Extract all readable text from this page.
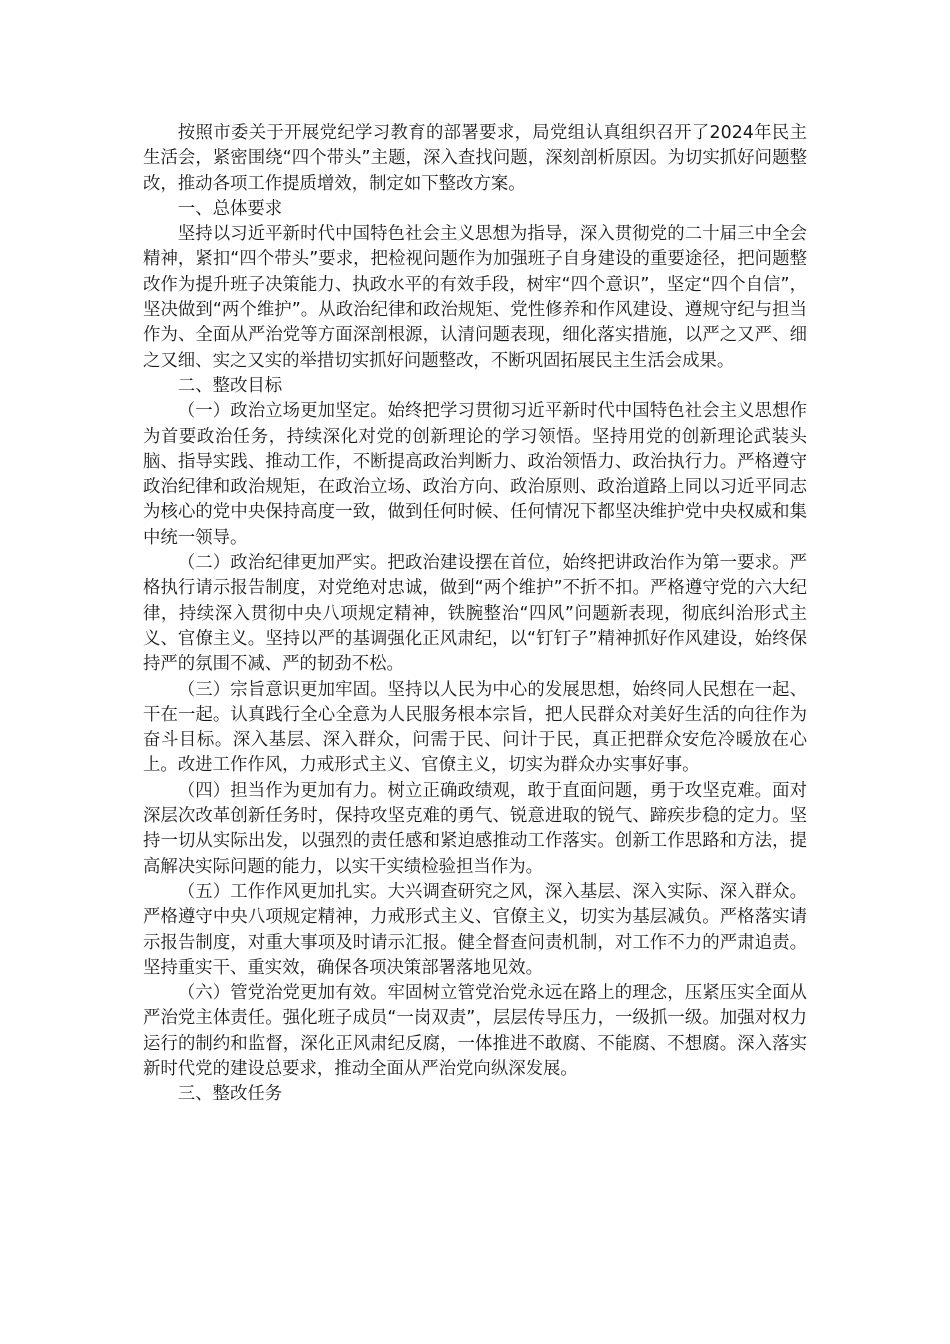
按照市委关于开展党纪学习教育的部署要求，局党组认真组织召开了2024年民主生活会，紧密围绕“四个带头”主题，深入查找问题，深刻剖析原因。为切实抓好问题整改，推动各项工作提质增效，制定如下整改方案。

一、总体要求

坚持以习近平新时代中国特色社会主义思想为指导，深入贯彻党的二十届三中全会精神，紧扣“四个带头”要求，把检视问题作为加强班子自身建设的重要途径，把问题整改作为提升班子决策能力、执政水平的有效手段，树牢“四个意识”，坚定“四个自信”，坚决做到“两个维护”。从政治纪律和政治规矩、党性修养和作风建设、遵规守纪与担当作为、全面从严治党等方面深剖根源，认清问题表现，细化落实措施，以严之又严、细之又细、实之又实的举措切实抓好问题整改，不断巩固拓展民主生活会成果。

二、整改目标

（一）政治立场更加坚定。始终把学习贯彻习近平新时代中国特色社会主义思想作为首要政治任务，持续深化对党的创新理论的学习领悟。坚持用党的创新理论武装头脑、指导实践、推动工作，不断提高政治判断力、政治领悟力、政治执行力。严格遵守政治纪律和政治规矩，在政治立场、政治方向、政治原则、政治道路上同以习近平同志为核心的党中央保持高度一致，做到任何时候、任何情况下都坚决维护党中央权威和集中统一领导。

（二）政治纪律更加严实。把政治建设摆在首位，始终把讲政治作为第一要求。严格执行请示报告制度，对党绝对忠诚，做到“两个维护”不折不扣。严格遵守党的六大纪律，持续深入贯彻中央八项规定精神，铁腕整治“四风”问题新表现，彻底纠治形式主义、官僚主义。坚持以严的基调强化正风肃纪，以“钉钉子”精神抓好作风建设，始终保持严的氛围不减、严的韧劲不松。

（三）宗旨意识更加牢固。坚持以人民为中心的发展思想，始终同人民想在一起、干在一起。认真践行全心全意为人民服务根本宗旨，把人民群众对美好生活的向往作为奋斗目标。深入基层、深入群众，问需于民、问计于民，真正把群众安危冷暖放在心上。改进工作作风，力戒形式主义、官僚主义，切实为群众办实事好事。

（四）担当作为更加有力。树立正确政绩观，敢于直面问题，勇于攻坚克难。面对深层次改革创新任务时，保持攻坚克难的勇气、锐意进取的锐气、蹄疾步稳的定力。坚持一切从实际出发，以强烈的责任感和紧迫感推动工作落实。创新工作思路和方法，提高解决实际问题的能力，以实干实绩检验担当作为。

（五）工作作风更加扎实。大兴调查研究之风，深入基层、深入实际、深入群众。严格遵守中央八项规定精神，力戒形式主义、官僚主义，切实为基层减负。严格落实请示报告制度，对重大事项及时请示汇报。健全督查问责机制，对工作不力的严肃追责。坚持重实干、重实效，确保各项决策部署落地见效。

（六）管党治党更加有效。牢固树立管党治党永远在路上的理念，压紧压实全面从严治党主体责任。强化班子成员“一岗双责”，层层传导压力，一级抓一级。加强对权力运行的制约和监督，深化正风肃纪反腐，一体推进不敢腐、不能腐、不想腐。深入落实新时代党的建设总要求，推动全面从严治党向纵深发展。

三、整改任务
